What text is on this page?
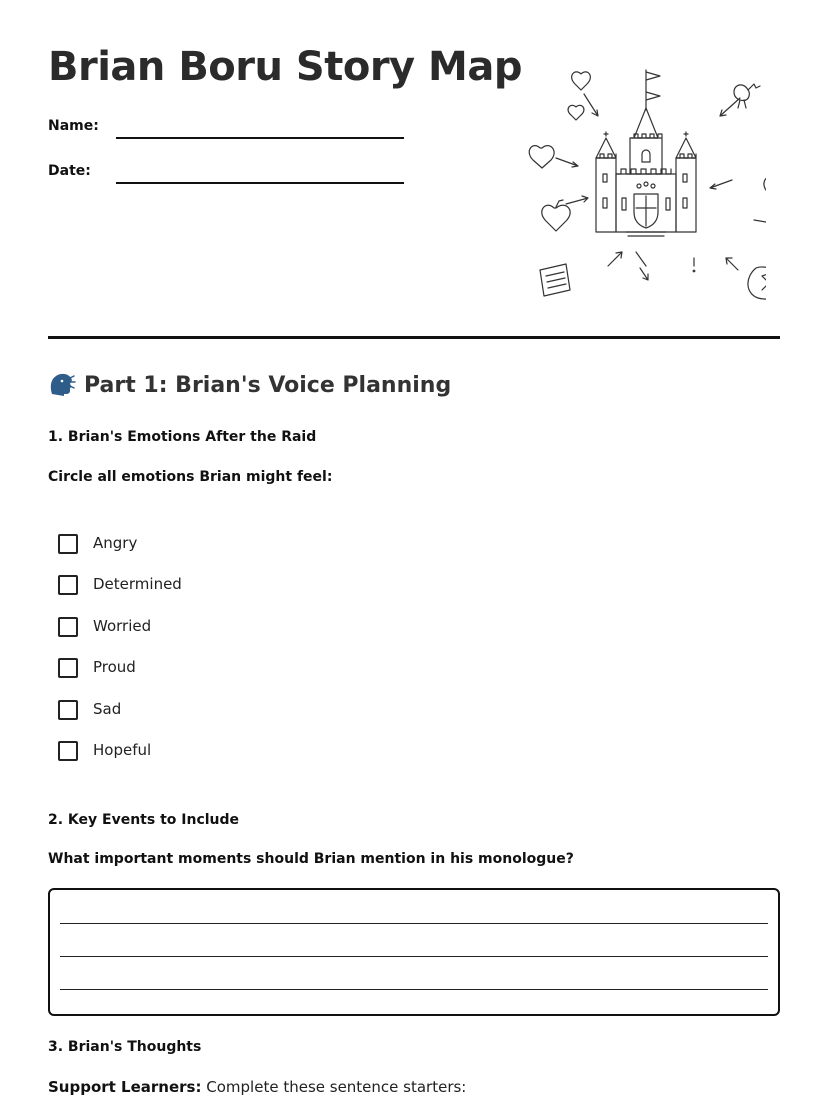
Brian Boru Story Map
Name:
Date:
Part 1: Brian's Voice Planning
1. Brian's Emotions After the Raid
Circle all emotions Brian might feel:
Angry
Determined
Worried
Proud
Sad
Hopeful
2. Key Events to Include
What important moments should Brian mention in his monologue?
3. Brian's Thoughts
Support Learners: Complete these sentence starters:
